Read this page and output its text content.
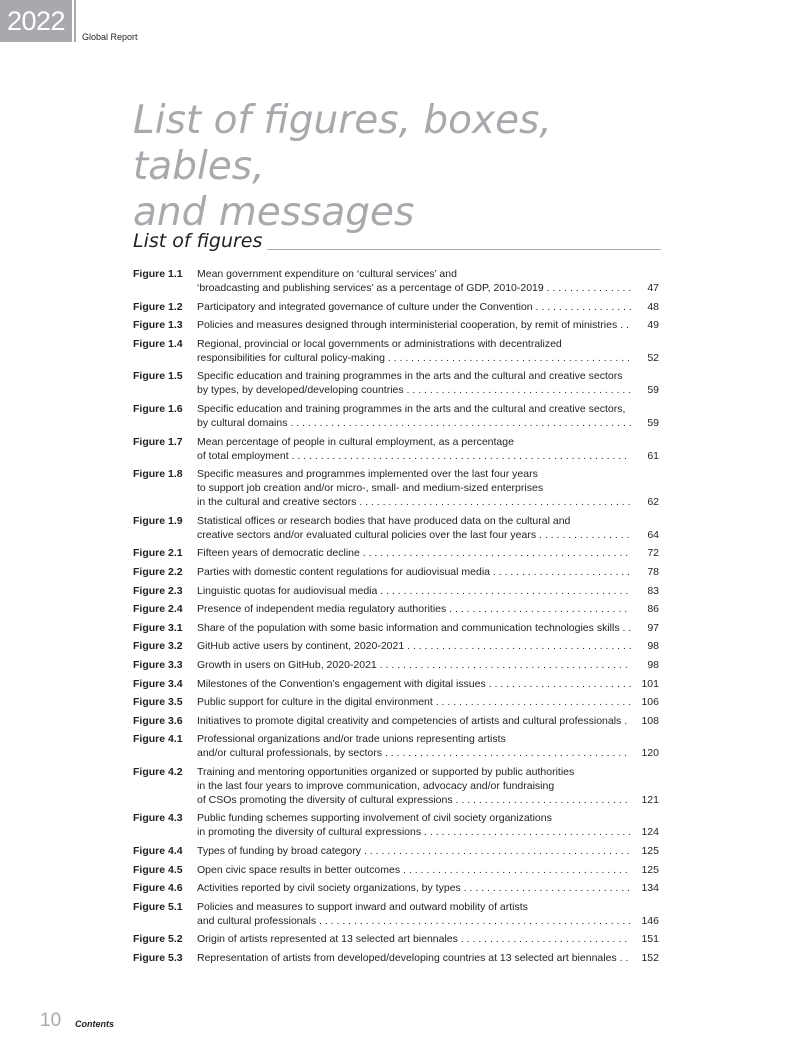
2022
Global Report
List of figures, boxes, tables,
and messages
List of figures
Figure 1.1	Mean government expenditure on ‘cultural services’ and
‘broadcasting and publishing services’ as a percentage of GDP, 2010-2019 . . .	47
Figure 1.2	Participatory and integrated governance of culture under the Convention . . .	48
Figure 1.3	Policies and measures designed through interministerial cooperation, by remit of ministries . . .	49
Figure 1.4	Regional, provincial or local governments or administrations with decentralized
responsibilities for cultural policy-making . . .	52
Figure 1.5	Specific education and training programmes in the arts and the cultural and creative sectors
by types, by developed/developing countries . . .	59
Figure 1.6	Specific education and training programmes in the arts and the cultural and creative sectors,
by cultural domains . . .	59
Figure 1.7	Mean percentage of people in cultural employment, as a percentage
of total employment . . .	61
Figure 1.8	Specific measures and programmes implemented over the last four years
to support job creation and/or micro-, small- and medium-sized enterprises
in the cultural and creative sectors . . .	62
Figure 1.9	Statistical offices or research bodies that have produced data on the cultural and
creative sectors and/or evaluated cultural policies over the last four years . . .	64
Figure 2.1	Fifteen years of democratic decline . . .	72
Figure 2.2	Parties with domestic content regulations for audiovisual media . . .	78
Figure 2.3	Linguistic quotas for audiovisual media . . .	83
Figure 2.4	Presence of independent media regulatory authorities . . .	86
Figure 3.1	Share of the population with some basic information and communication technologies skills . . .	97
Figure 3.2	GitHub active users by continent, 2020-2021 . . .	98
Figure 3.3	Growth in users on GitHub, 2020-2021 . . .	98
Figure 3.4	Milestones of the Convention’s engagement with digital issues . . .	101
Figure 3.5	Public support for culture in the digital environment . . .	106
Figure 3.6	Initiatives to promote digital creativity and competencies of artists and cultural professionals . . .	108
Figure 4.1	Professional organizations and/or trade unions representing artists
and/or cultural professionals, by sectors . . .	120
Figure 4.2	Training and mentoring opportunities organized or supported by public authorities
in the last four years to improve communication, advocacy and/or fundraising
of CSOs promoting the diversity of cultural expressions . . .	121
Figure 4.3	Public funding schemes supporting involvement of civil society organizations
in promoting the diversity of cultural expressions . . .	124
Figure 4.4	Types of funding by broad category . . .	125
Figure 4.5	Open civic space results in better outcomes . . .	125
Figure 4.6	Activities reported by civil society organizations, by types . . .	134
Figure 5.1	Policies and measures to support inward and outward mobility of artists
and cultural professionals . . .	146
Figure 5.2	Origin of artists represented at 13 selected art biennales . . .	151
Figure 5.3	Representation of artists from developed/developing countries at 13 selected art biennales . . .	152
10 Contents
